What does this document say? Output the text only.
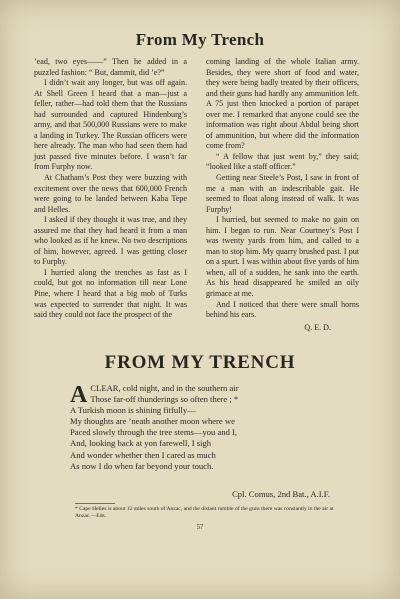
From My Trench

’ead, two eyes——” Then he added in a puzzled fashion: “ But, dammit, did ’e?”

I didn’t wait any longer, but was off again. At Shell Green I heard that a man—just a feller, rather—had told them that the Russians had surrounded and captured Hindenburg’s army, and that 500,000 Russians were to make a landing in Turkey. The Russian officers were here already. The man who had seen them had just passed five minutes before. I wasn’t far from Furphy now.

At Chatham’s Post they were buzzing with excitement over the news that 600,000 French were going to be landed between Kaba Tepe and Helles.

I asked if they thought it was true, and they assured me that they had heard it from a man who looked as if he knew. No two descriptions of him, however, agreed. I was getting closer to Furphy.

I hurried along the trenches as fast as I could, but got no information till near Lone Pine, where I heard that a big mob of Turks was expected to surrender that night. It was said they could not face the prospect of the

coming landing of the whole Italian army. Besides, they were short of food and water, they were being badly treated by their officers, and their guns had hardly any ammunition left. A 75 just then knocked a portion of parapet over me. I remarked that anyone could see the information was right about Abdul being short of ammunition, but where did the information come from?

“ A fellow that just went by,” they said; “looked like a staff officer.”

Getting near Steele’s Post, I saw in front of me a man with an indescribable gait. He seemed to float along instead of walk. It was Furphy!

I hurried, but seemed to make no gain on him. I began to run. Near Courtney’s Post I was twenty yards from him, and called to a man to stop him. My quarry brushed past. I put on a spurt. I was within about five yards of him when, all of a sudden, he sank into the earth. As his head disappeared he smiled an oily grimace at me.

And I noticed that there were small horns behind his ears.

Q. E. D.

FROM MY TRENCH
ACLEAR, cold night, and in the southern air
Those far-off thunderings so often there ; *
A Turkish moon is shining fitfully—
My thoughts are ’neath another moon where we
Paced slowly through the tree stems—you and I,
And, looking back at yon farewell, I sigh
And wonder whether then I cared as much
As now I do when far beyond your touch.
Cpl. Comus, 2nd Bat., A.I.F.
* Cape Helles is about 12 miles south of Anzac, and the distant rumble of the guns there was constantly in the air at Anzac.—Eds.
57
